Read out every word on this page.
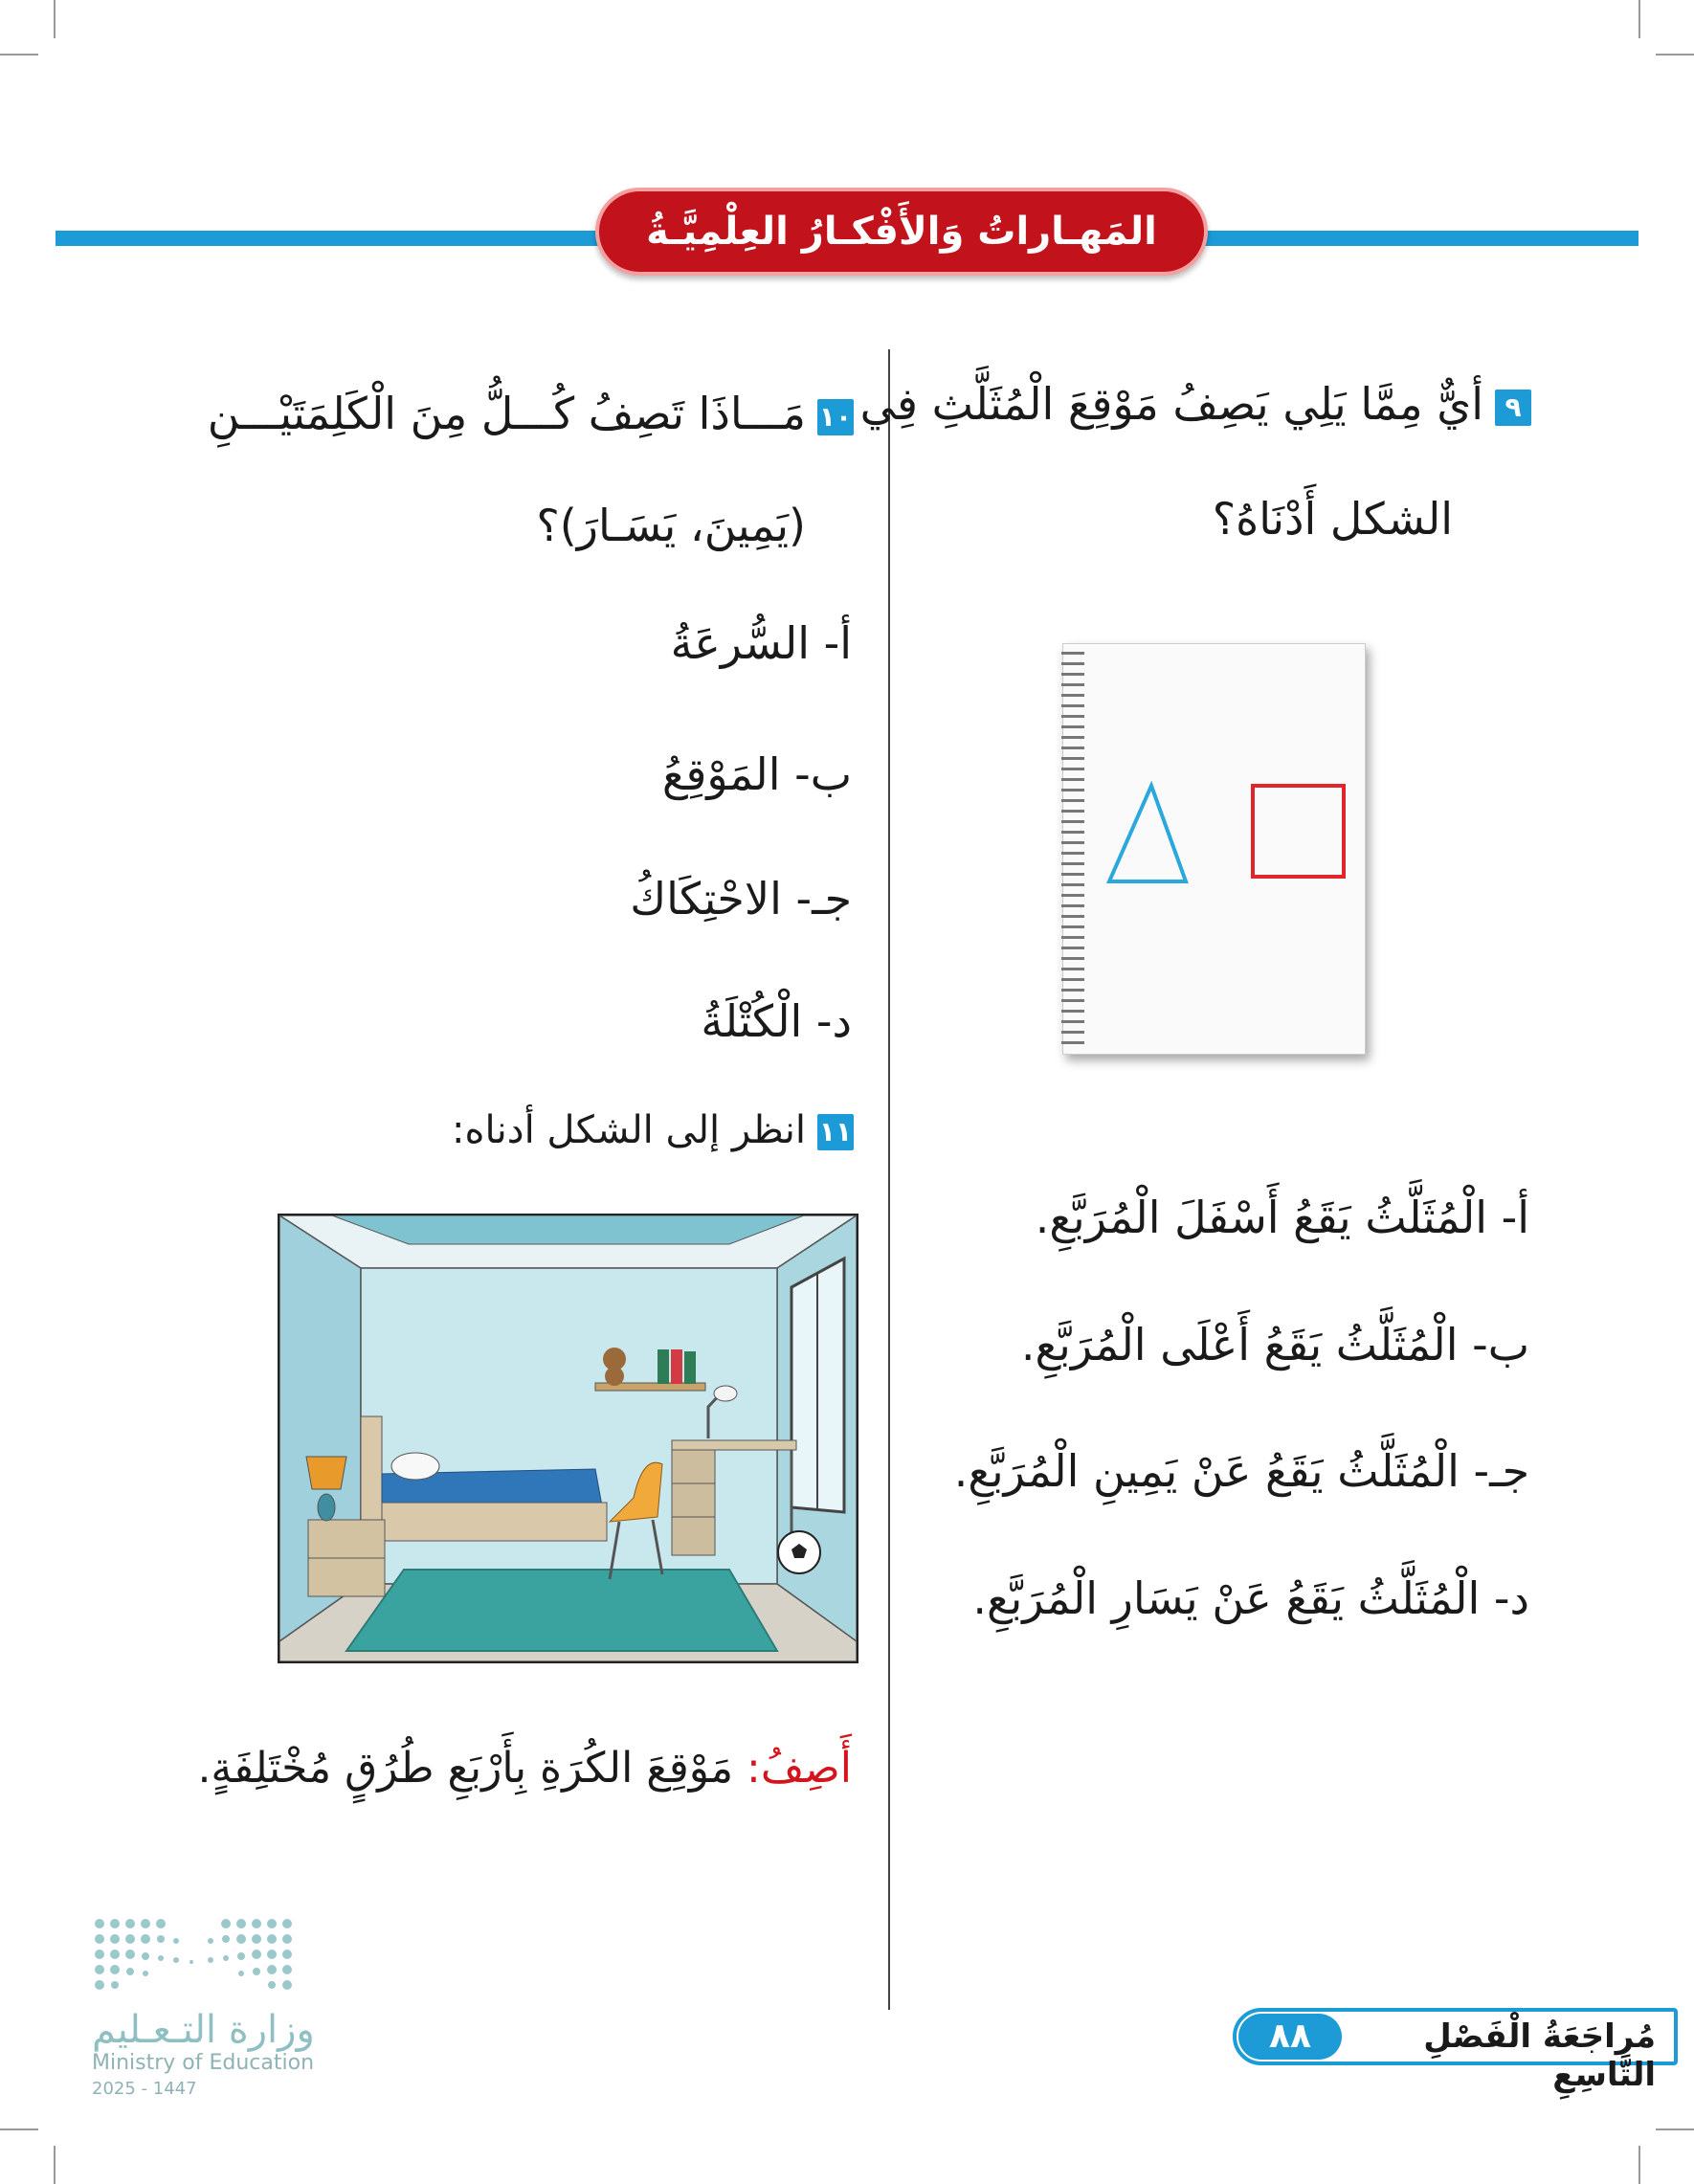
المَهـاراتُ وَالأَفْكـارُ العِلْمِيَّـةُ
٩أيٌّ مِمَّا يَلِي يَصِفُ مَوْقِعَ الْمُثَلَّثِ فِي
الشكل أَدْنَاهُ؟
أ- الْمُثَلَّثُ يَقَعُ أَسْفَلَ الْمُرَبَّعِ.
ب- الْمُثَلَّثُ يَقَعُ أَعْلَى الْمُرَبَّعِ.
جـ- الْمُثَلَّثُ يَقَعُ عَنْ يَمِينِ الْمُرَبَّعِ.
د- الْمُثَلَّثُ يَقَعُ عَنْ يَسَارِ الْمُرَبَّعِ.
١٠مَـــاذَا تَصِفُ كُـــلُّ مِنَ الْكَلِمَتَيْـــنِ
(يَمِينَ، يَسَـارَ)؟
أ- السُّرعَةُ
ب- المَوْقِعُ
جـ- الاحْتِكَاكُ
د- الْكُتْلَةُ
١١انظر إلى الشكل أدناه:
أَصِفُ: مَوْقِعَ الكُرَةِ بِأَرْبَعِ طُرُقٍ مُخْتَلِفَةٍ.
وزارة التـعـليم
Ministry of Education
2025 - 1447
٨٨	مُراجَعَةُ الْفَصْلِ التَّاسِعِ
